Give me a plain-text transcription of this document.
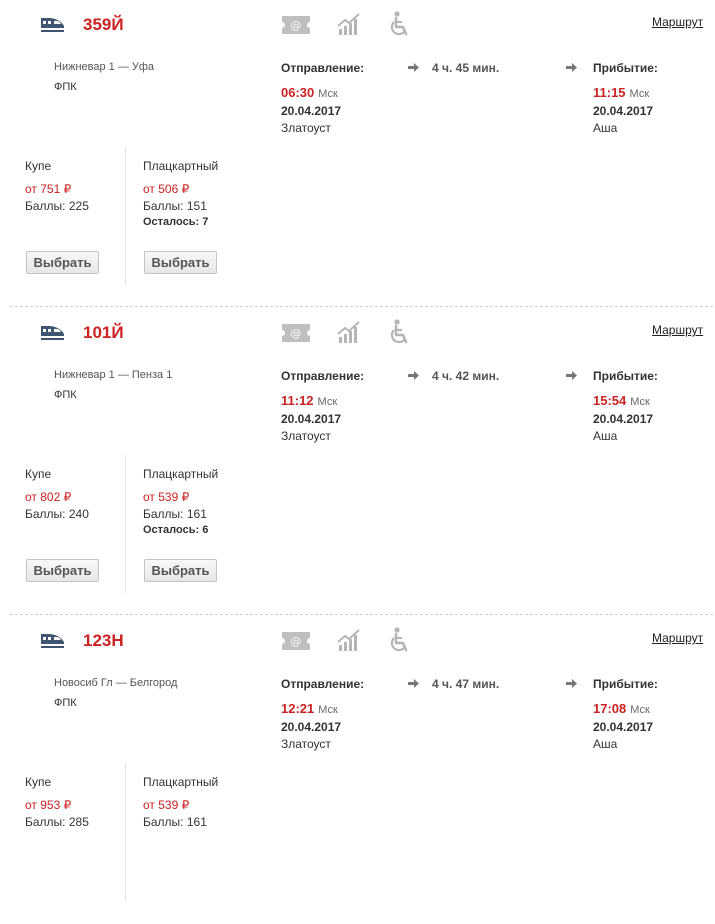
359Й	@	Маршрут
Нижневар 1 — Уфа
ФПК
Отправление:	4 ч. 45 мин.	Прибытие:
06:30 Мск	11:15 Мск
20.04.2017	20.04.2017
Златоуст	Аша
Купе
от 751 ₽
Баллы: 225
Выбрать
Плацкартный
от 506 ₽
Баллы: 151
Осталось: 7
Выбрать
101Й	@	Маршрут
Нижневар 1 — Пенза 1
ФПК
Отправление:	4 ч. 42 мин.	Прибытие:
11:12 Мск	15:54 Мск
20.04.2017	20.04.2017
Златоуст	Аша
Купе
от 802 ₽
Баллы: 240
Выбрать
Плацкартный
от 539 ₽
Баллы: 161
Осталось: 6
Выбрать
123Н	@	Маршрут
Новосиб Гл — Белгород
ФПК
Отправление:	4 ч. 47 мин.	Прибытие:
12:21 Мск	17:08 Мск
20.04.2017	20.04.2017
Златоуст	Аша
Купе
от 953 ₽
Баллы: 285
Плацкартный
от 539 ₽
Баллы: 161
